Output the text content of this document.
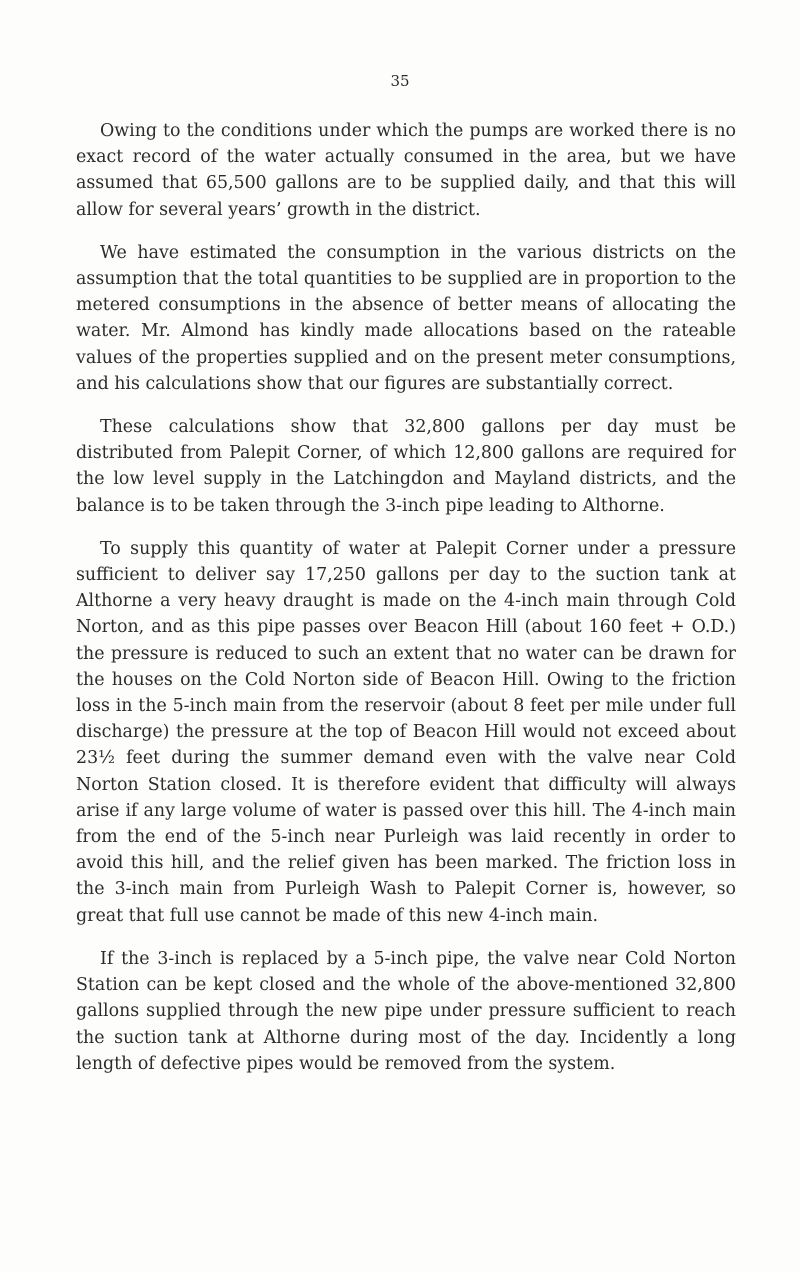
35

Owing to the conditions under which the pumps are worked there is no exact record of the water actually consumed in the area, but we have assumed that 65,500 gallons are to be supplied daily, and that this will allow for several years’ growth in the district.

We have estimated the consumption in the various districts on the assumption that the total quantities to be supplied are in proportion to the metered consumptions in the absence of better means of allocating the water. Mr. Almond has kindly made allocations based on the rateable values of the properties supplied and on the present meter consumptions, and his calculations show that our figures are substantially correct.

These calculations show that 32,800 gallons per day must be distributed from Palepit Corner, of which 12,800 gallons are required for the low level supply in the Latchingdon and Mayland districts, and the balance is to be taken through the 3-inch pipe leading to Althorne.

To supply this quantity of water at Palepit Corner under a pressure sufficient to deliver say 17,250 gallons per day to the suction tank at Althorne a very heavy draught is made on the 4-inch main through Cold Norton, and as this pipe passes over Beacon Hill (about 160 feet + O.D.) the pressure is reduced to such an extent that no water can be drawn for the houses on the Cold Norton side of Beacon Hill. Owing to the friction loss in the 5-inch main from the reservoir (about 8 feet per mile under full discharge) the pressure at the top of Beacon Hill would not exceed about 23½ feet during the summer demand even with the valve near Cold Norton Station closed. It is therefore evident that difficulty will always arise if any large volume of water is passed over this hill. The 4-inch main from the end of the 5-inch near Purleigh was laid recently in order to avoid this hill, and the relief given has been marked. The friction loss in the 3-inch main from Purleigh Wash to Palepit Corner is, however, so great that full use cannot be made of this new 4-inch main.

If the 3-inch is replaced by a 5-inch pipe, the valve near Cold Norton Station can be kept closed and the whole of the above-mentioned 32,800 gallons supplied through the new pipe under pressure sufficient to reach the suction tank at Althorne during most of the day. Incidently a long length of defective pipes would be removed from the system.
